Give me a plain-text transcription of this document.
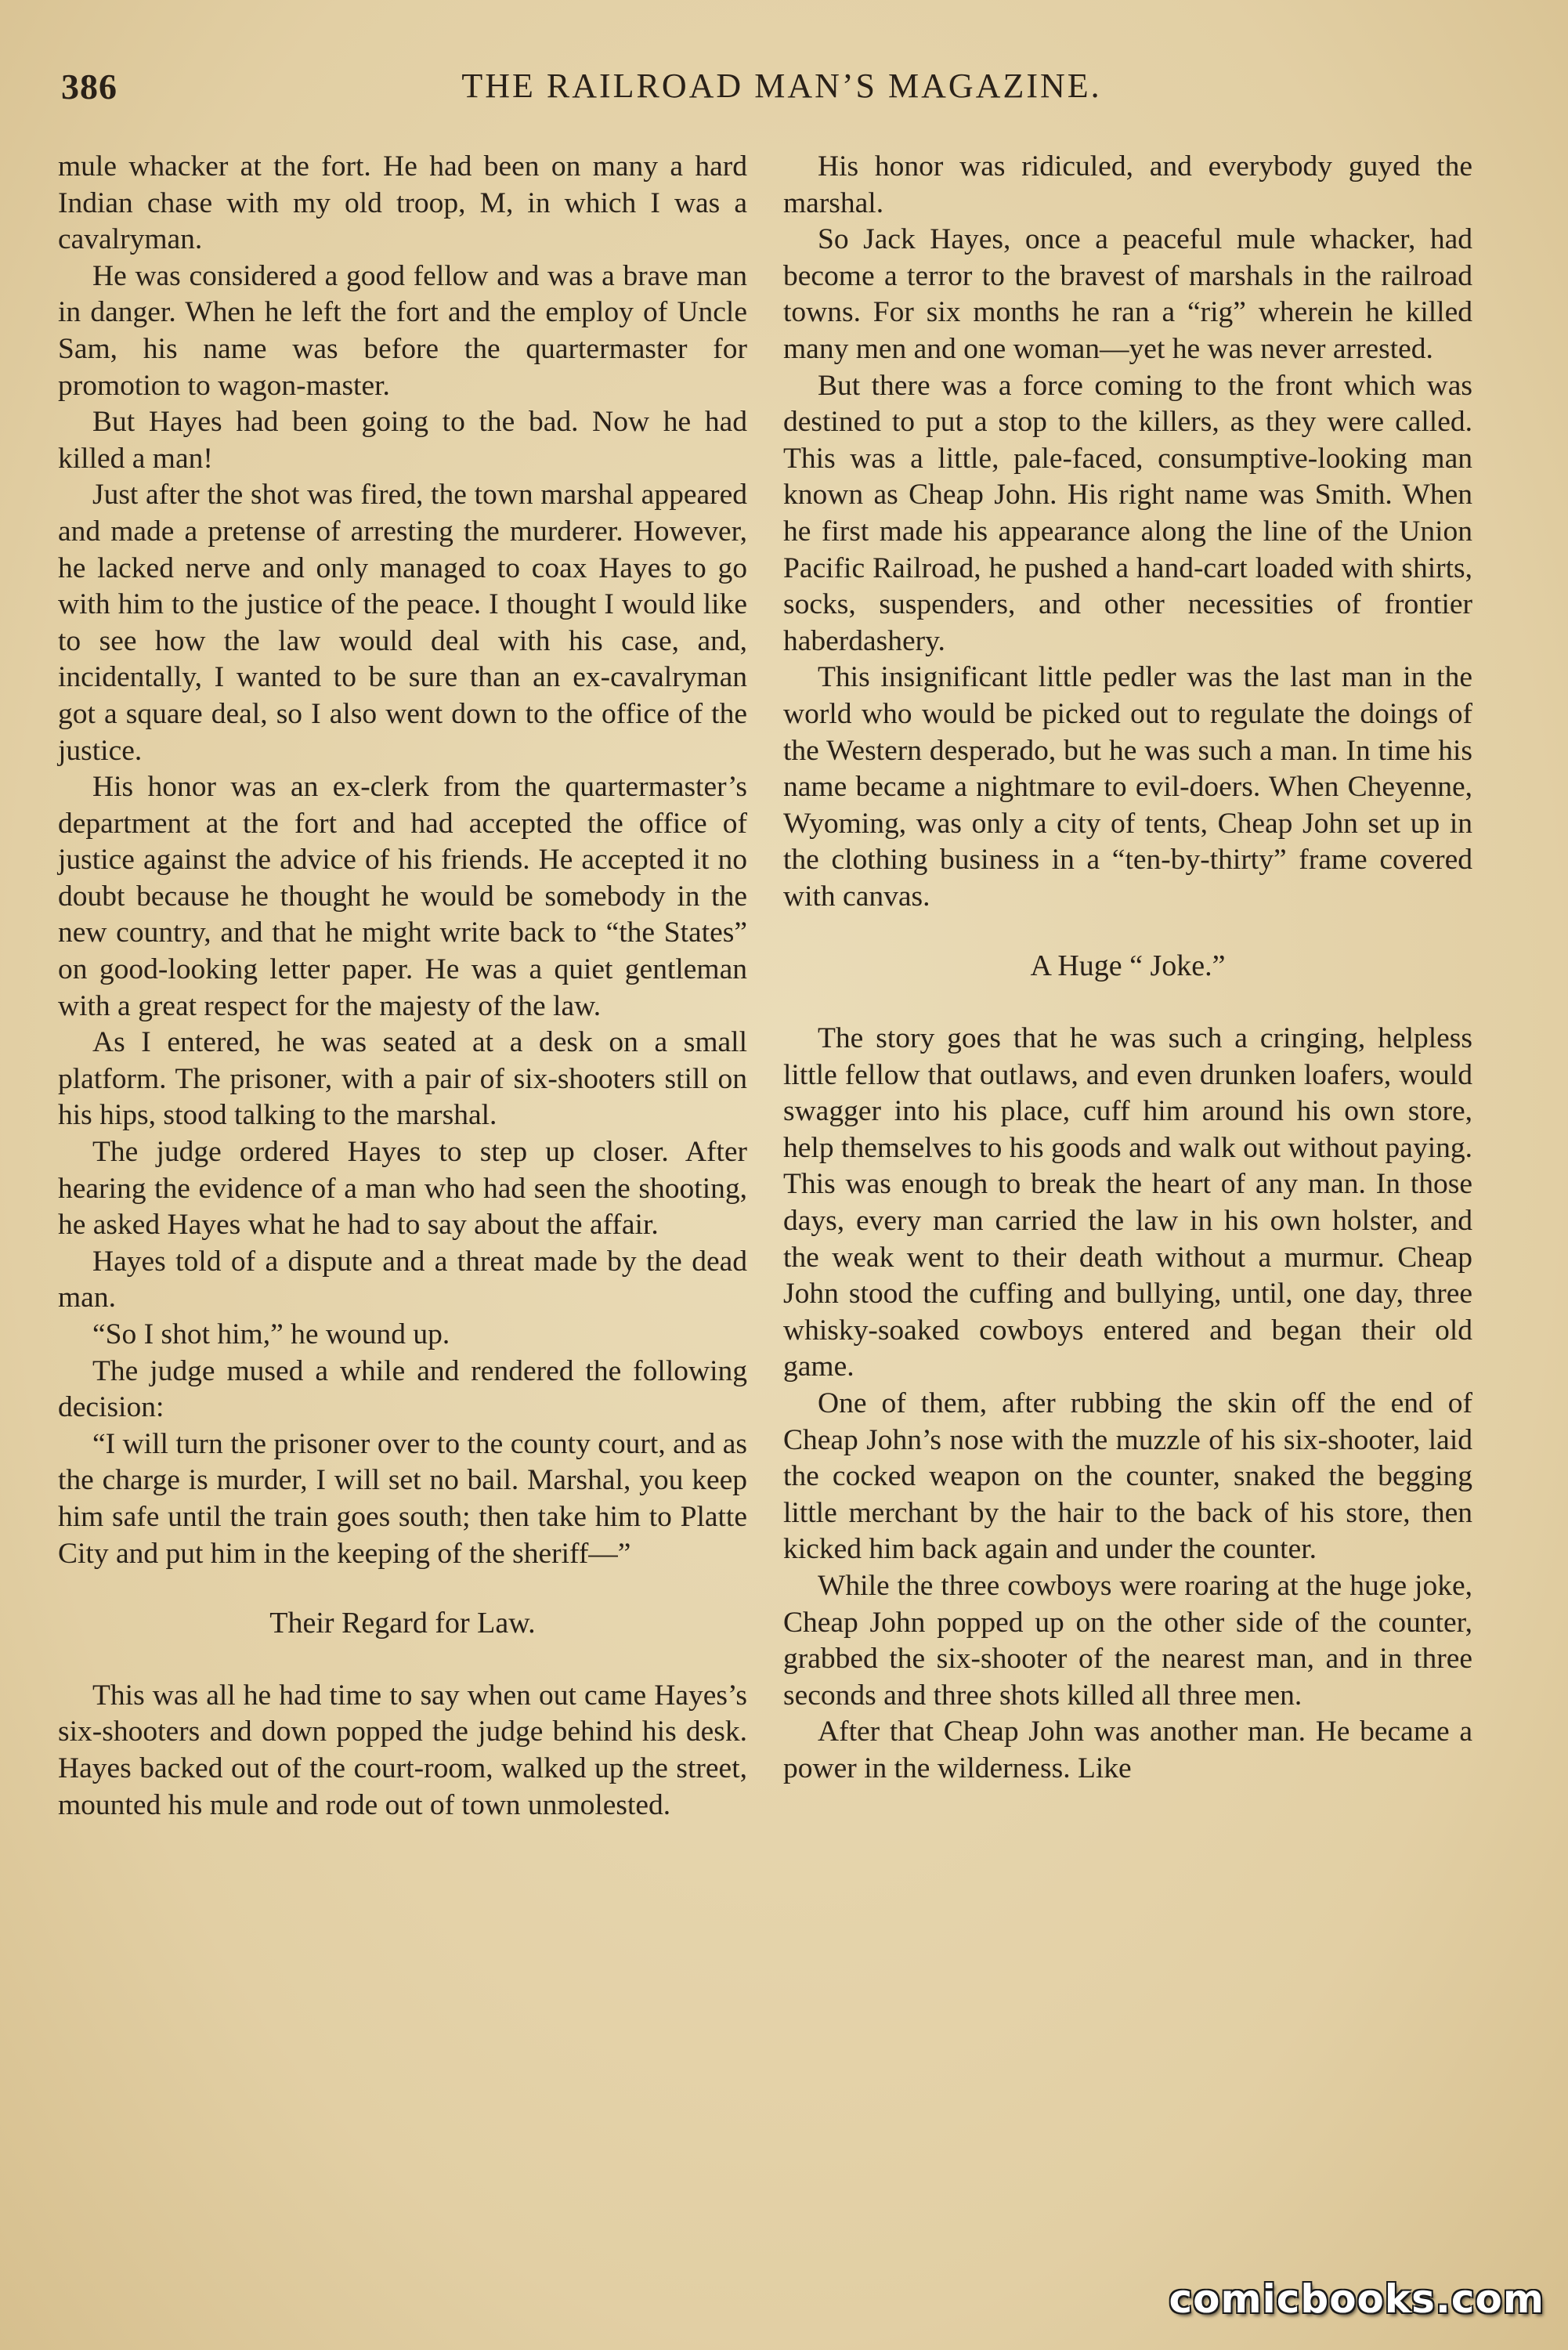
386	THE RAILROAD MAN’S MAGAZINE.

mule whacker at the fort. He had been on many a hard Indian chase with my old troop, M, in which I was a cavalryman.

He was considered a good fellow and was a brave man in danger. When he left the fort and the employ of Uncle Sam, his name was before the quartermaster for promotion to wagon-master.

But Hayes had been going to the bad. Now he had killed a man!

Just after the shot was fired, the town marshal appeared and made a pretense of arresting the murderer. However, he lacked nerve and only managed to coax Hayes to go with him to the justice of the peace. I thought I would like to see how the law would deal with his case, and, incidentally, I wanted to be sure than an ex-cavalryman got a square deal, so I also went down to the office of the justice.

His honor was an ex-clerk from the quartermaster’s department at the fort and had accepted the office of justice against the advice of his friends. He accepted it no doubt because he thought he would be somebody in the new country, and that he might write back to “the States” on good-looking letter paper. He was a quiet gentleman with a great respect for the majesty of the law.

As I entered, he was seated at a desk on a small platform. The prisoner, with a pair of six-shooters still on his hips, stood talking to the marshal.

The judge ordered Hayes to step up closer. After hearing the evidence of a man who had seen the shooting, he asked Hayes what he had to say about the affair.

Hayes told of a dispute and a threat made by the dead man.

“So I shot him,” he wound up.

The judge mused a while and rendered the following decision:

“I will turn the prisoner over to the county court, and as the charge is murder, I will set no bail. Marshal, you keep him safe until the train goes south; then take him to Platte City and put him in the keeping of the sheriff—”

Their Regard for Law.

This was all he had time to say when out came Hayes’s six-shooters and down popped the judge behind his desk. Hayes backed out of the court-room, walked up the street, mounted his mule and rode out of town unmolested.

His honor was ridiculed, and everybody guyed the marshal.

So Jack Hayes, once a peaceful mule whacker, had become a terror to the bravest of marshals in the railroad towns. For six months he ran a “rig” wherein he killed many men and one woman—yet he was never arrested.

But there was a force coming to the front which was destined to put a stop to the killers, as they were called. This was a little, pale-faced, consumptive-looking man known as Cheap John. His right name was Smith. When he first made his appearance along the line of the Union Pacific Railroad, he pushed a hand-cart loaded with shirts, socks, suspenders, and other necessities of frontier haberdashery.

This insignificant little pedler was the last man in the world who would be picked out to regulate the doings of the Western desperado, but he was such a man. In time his name became a nightmare to evil-doers. When Cheyenne, Wyoming, was only a city of tents, Cheap John set up in the clothing business in a “ten-by-thirty” frame covered with canvas.

A Huge “ Joke.”

The story goes that he was such a cringing, helpless little fellow that outlaws, and even drunken loafers, would swagger into his place, cuff him around his own store, help themselves to his goods and walk out without paying. This was enough to break the heart of any man. In those days, every man carried the law in his own holster, and the weak went to their death without a murmur. Cheap John stood the cuffing and bullying, until, one day, three whisky-soaked cowboys entered and began their old game.

One of them, after rubbing the skin off the end of Cheap John’s nose with the muzzle of his six-shooter, laid the cocked weapon on the counter, snaked the begging little merchant by the hair to the back of his store, then kicked him back again and under the counter.

While the three cowboys were roaring at the huge joke, Cheap John popped up on the other side of the counter, grabbed the six-shooter of the nearest man, and in three seconds and three shots killed all three men.

After that Cheap John was another man. He became a power in the wilderness. Like

comicbooks.com
